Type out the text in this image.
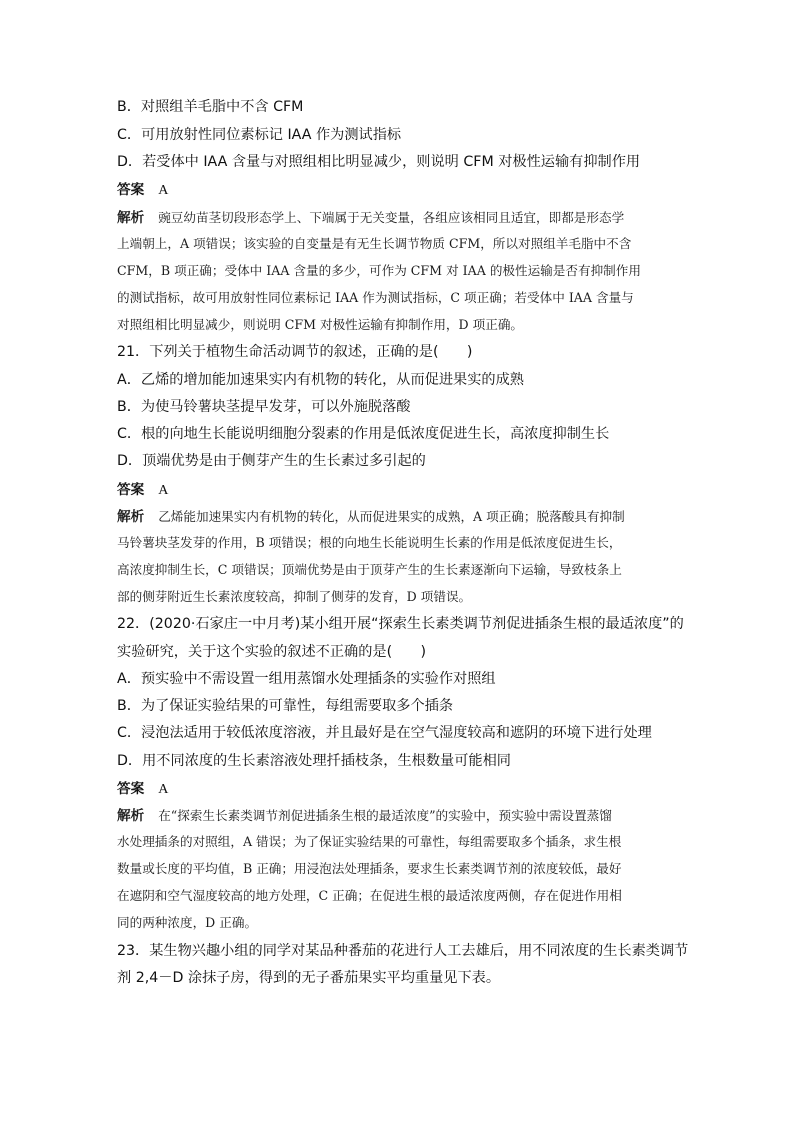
B．对照组羊毛脂中不含 CFM
C．可用放射性同位素标记 IAA 作为测试指标
D．若受体中 IAA 含量与对照组相比明显减少，则说明 CFM 对极性运输有抑制作用
答案 A
解析 豌豆幼苗茎切段形态学上、下端属于无关变量，各组应该相同且适宜，即都是形态学
上端朝上，A 项错误；该实验的自变量是有无生长调节物质 CFM，所以对照组羊毛脂中不含
CFM，B 项正确；受体中 IAA 含量的多少，可作为 CFM 对 IAA 的极性运输是否有抑制作用
的测试指标，故可用放射性同位素标记 IAA 作为测试指标，C 项正确；若受体中 IAA 含量与
对照组相比明显减少，则说明 CFM 对极性运输有抑制作用，D 项正确。
21．下列关于植物生命活动调节的叙述，正确的是(　　)
A．乙烯的增加能加速果实内有机物的转化，从而促进果实的成熟
B．为使马铃薯块茎提早发芽，可以外施脱落酸
C．根的向地生长能说明细胞分裂素的作用是低浓度促进生长，高浓度抑制生长
D．顶端优势是由于侧芽产生的生长素过多引起的
答案 A
解析 乙烯能加速果实内有机物的转化，从而促进果实的成熟，A 项正确；脱落酸具有抑制
马铃薯块茎发芽的作用，B 项错误；根的向地生长能说明生长素的作用是低浓度促进生长，
高浓度抑制生长，C 项错误；顶端优势是由于顶芽产生的生长素逐渐向下运输，导致枝条上
部的侧芽附近生长素浓度较高，抑制了侧芽的发育，D 项错误。
22．(2020·石家庄一中月考)某小组开展“探索生长素类调节剂促进插条生根的最适浓度”的
实验研究，关于这个实验的叙述不正确的是(　　)
A．预实验中不需设置一组用蒸馏水处理插条的实验作对照组
B．为了保证实验结果的可靠性，每组需要取多个插条
C．浸泡法适用于较低浓度溶液，并且最好是在空气湿度较高和遮阴的环境下进行处理
D．用不同浓度的生长素溶液处理扦插枝条，生根数量可能相同
答案 A
解析 在“探索生长素类调节剂促进插条生根的最适浓度”的实验中，预实验中需设置蒸馏
水处理插条的对照组，A 错误；为了保证实验结果的可靠性，每组需要取多个插条，求生根
数量或长度的平均值，B 正确；用浸泡法处理插条，要求生长素类调节剂的浓度较低，最好
在遮阴和空气湿度较高的地方处理，C 正确；在促进生根的最适浓度两侧，存在促进作用相
同的两种浓度，D 正确。
23．某生物兴趣小组的同学对某品种番茄的花进行人工去雄后，用不同浓度的生长素类调节
剂 2,4－D 涂抹子房，得到的无子番茄果实平均重量见下表。
